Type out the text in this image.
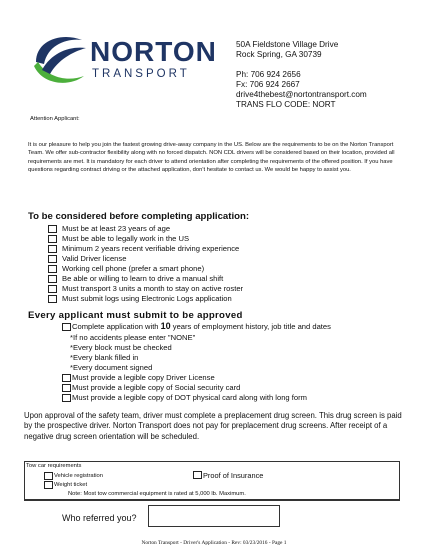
NORTON
TRANSPORT
50A Fieldstone Village Drive
Rock Spring, GA 30739
Ph: 706 924 2656
Fx: 706 924 2667
drive4thebest@nortontransport.com
TRANS FLO CODE: NORT
Attention Applicant:
It is our pleasure to help you join the fastest growing drive-away company in the US. Below are the requirements to be on the Norton Transport Team. We offer sub-contractor flexibility along with no forced dispatch. NON CDL drivers will be considered based on their location, provided all requirements are met. It is mandatory for each driver to attend orientation after completing the requirements of the offered position. If you have questions regarding contract driving or the attached application, don't hesitate to contact us. We would be happy to assist you.
To be considered before completing application:
Must be at least 23 years of age
Must be able to legally work in the US
Minimum 2 years recent verifiable driving experience
Valid Driver license
Working cell phone (prefer a smart phone)
Be able or willing to learn to drive a manual shift
Must transport 3 units a month to stay on active roster
Must submit logs using Electronic Logs application
Every applicant must submit to be approved
Complete application with 10 years of employment history, job title and dates
*If no accidents please enter "NONE"
*Every block must be checked
*Every blank filled in
*Every document signed
Must provide a legible copy Driver License
Must provide a legible copy of Social security card
Must provide a legible copy of DOT physical card along with long form
Upon approval of the safety team, driver must complete a preplacement drug screen. This drug screen is paid by the prospective driver. Norton Transport does not pay for preplacement drug screens. After receipt of a negative drug screen orientation will be scheduled.
Tow car requirements
Vehicle registration
Weight ticket
Proof of Insurance
Note: Most tow commercial equipment is rated at 5,000 lb. Maximum.
Who referred you?
Norton Transport - Driver's Application - Rev: 03/23/2016 - Page 1
